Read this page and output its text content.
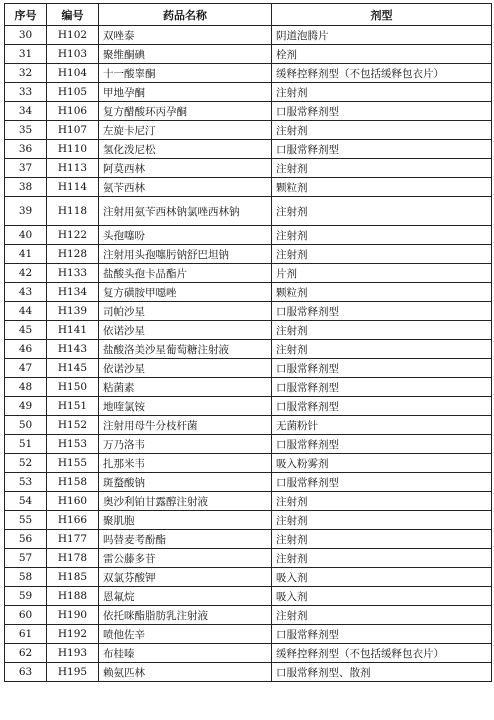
序号	编号	药品名称	剂型
30	H102	双唑泰	阴道泡腾片
31	H103	聚维酮碘	栓剂
32	H104	十一酸睾酮	缓释控释剂型（不包括缓释包衣片）
33	H105	甲地孕酮	注射剂
34	H106	复方醋酸环丙孕酮	口服常释剂型
35	H107	左旋卡尼汀	注射剂
36	H110	氢化泼尼松	口服常释剂型
37	H113	阿莫西林	注射剂
38	H114	氨苄西林	颗粒剂
39	H118	注射用氨苄西林钠氯唑西林钠	注射剂
40	H122	头孢噻吩	注射剂
41	H128	注射用头孢噻肟钠舒巴坦钠	注射剂
42	H133	盐酸头孢卡品酯片	片剂
43	H134	复方磺胺甲噁唑	颗粒剂
44	H139	司帕沙星	口服常释剂型
45	H141	依诺沙星	注射剂
46	H143	盐酸洛美沙星葡萄糖注射液	注射剂
47	H145	依诺沙星	口服常释剂型
48	H150	粘菌素	口服常释剂型
49	H151	地喹氯铵	口服常释剂型
50	H152	注射用母牛分枝杆菌	无菌粉针
51	H153	万乃洛韦	口服常释剂型
52	H155	扎那米韦	吸入粉雾剂
53	H158	斑蝥酸钠	口服常释剂型
54	H160	奥沙利铂甘露醇注射液	注射剂
55	H166	聚肌胞	注射剂
56	H177	吗替麦考酚酯	注射剂
57	H178	雷公藤多苷	注射剂
58	H185	双氯芬酸钾	吸入剂
59	H188	恩氟烷	吸入剂
60	H190	依托咪酯脂肪乳注射液	注射剂
61	H192	喷他佐辛	口服常释剂型
62	H193	布桂嗪	缓释控释剂型（不包括缓释包衣片）
63	H195	赖氨匹林	口服常释剂型、散剂
